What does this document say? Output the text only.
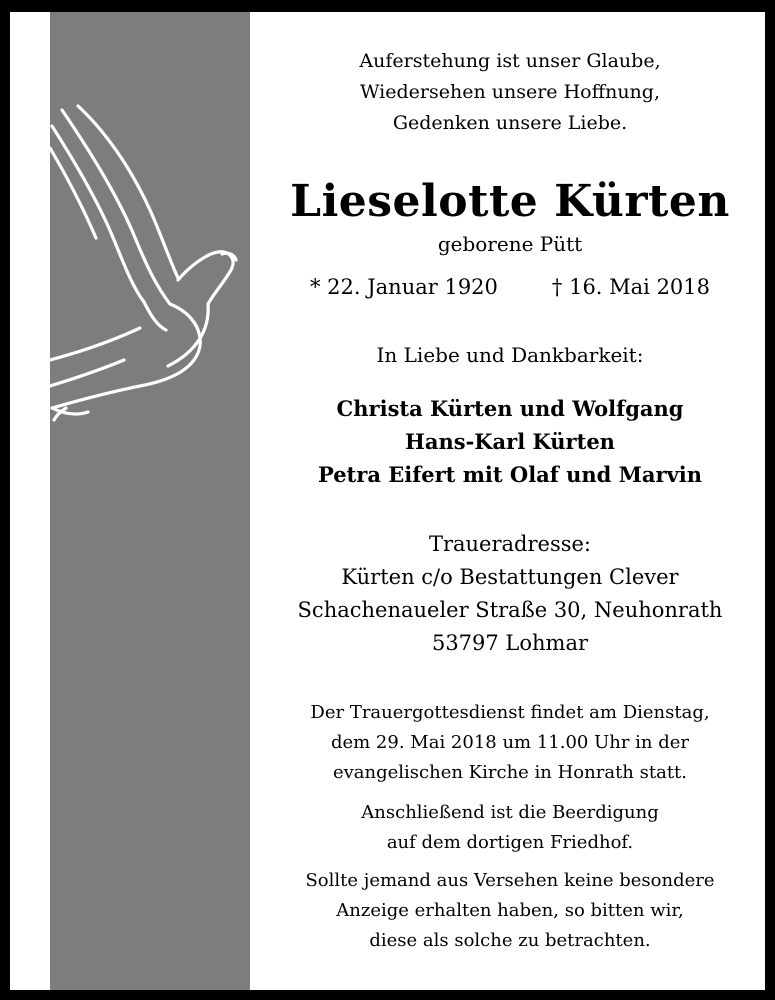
Auferstehung ist unser Glaube,
Wiedersehen unsere Hoffnung,
Gedenken unsere Liebe.
Lieselotte Kürten
geborene Pütt
* 22. Januar 1920	† 16. Mai 2018
In Liebe und Dankbarkeit:
Christa Kürten und Wolfgang
Hans-Karl Kürten
Petra Eifert mit Olaf und Marvin
Traueradresse:
Kürten c/o Bestattungen Clever
Schachenaueler Straße 30, Neuhonrath
53797 Lohmar
Der Trauergottesdienst findet am Dienstag,
dem 29. Mai 2018 um 11.00 Uhr in der
evangelischen Kirche in Honrath statt.
Anschließend ist die Beerdigung
auf dem dortigen Friedhof.
Sollte jemand aus Versehen keine besondere
Anzeige erhalten haben, so bitten wir,
diese als solche zu betrachten.
